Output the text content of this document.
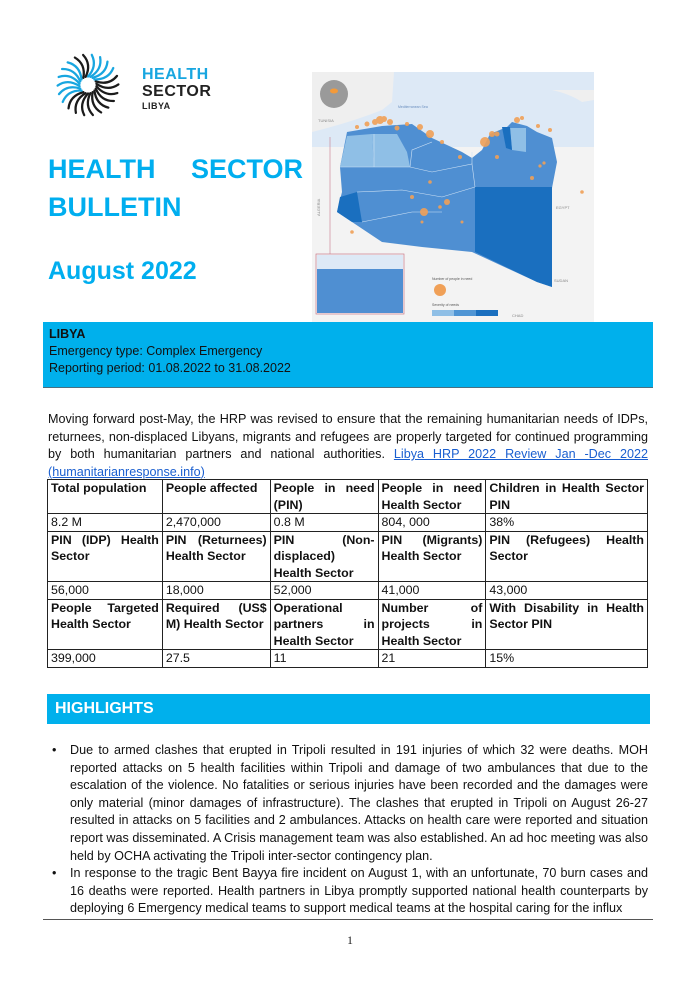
HEALTH
SECTOR
LIBYA
HEALTH SECTOR
BULLETIN
August 2022
TUNISIA
Mediterranean Sea
ALGERIA	EGYPT
SUDAN
CHAD
Number of people in need
Severity of needs
LIBYA
Emergency type: Complex Emergency
Reporting period: 01.08.2022 to 31.08.2022

Moving forward post-May, the HRP was revised to ensure that the remaining humanitarian needs of IDPs, returnees, non-displaced Libyans, migrants and refugees are properly targeted for continued programming by both humanitarian partners and national authorities. Libya HRP 2022 Review Jan -Dec 2022 (humanitarianresponse.info)

Total population	People affected	People in need (PIN)	People in need Health Sector	Children in Health Sector PIN
8.2 M	2,470,000	0.8 M	804, 000	38%
PIN (IDP) Health Sector	PIN (Returnees) Health Sector	PIN (Non-displaced) Health Sector	PIN (Migrants) Health Sector	PIN (Refugees) Health Sector
56,000	18,000	52,000	41,000	43,000
People Targeted Health Sector	Required (US$ M) Health Sector	Operational partners in Health Sector	Number of projects in Health Sector	With Disability in Health Sector PIN
399,000	27.5	11	21	15%
HIGHLIGHTS
• Due to armed clashes that erupted in Tripoli resulted in 191 injuries of which 32 were deaths. MOH reported attacks on 5 health facilities within Tripoli and damage of two ambulances that due to the escalation of the violence. No fatalities or serious injuries have been recorded and the damages were only material (minor damages of infrastructure). The clashes that erupted in Tripoli on August 26-27 resulted in attacks on 5 facilities and 2 ambulances. Attacks on health care were reported and situation report was disseminated. A Crisis management team was also established. An ad hoc meeting was also held by OCHA activating the Tripoli inter-sector contingency plan.
• In response to the tragic Bent Bayya fire incident on August 1, with an unfortunate, 70 burn cases and 16 deaths were reported. Health partners in Libya promptly supported national health counterparts by deploying 6 Emergency medical teams to support medical teams at the hospital caring for the influx
1
